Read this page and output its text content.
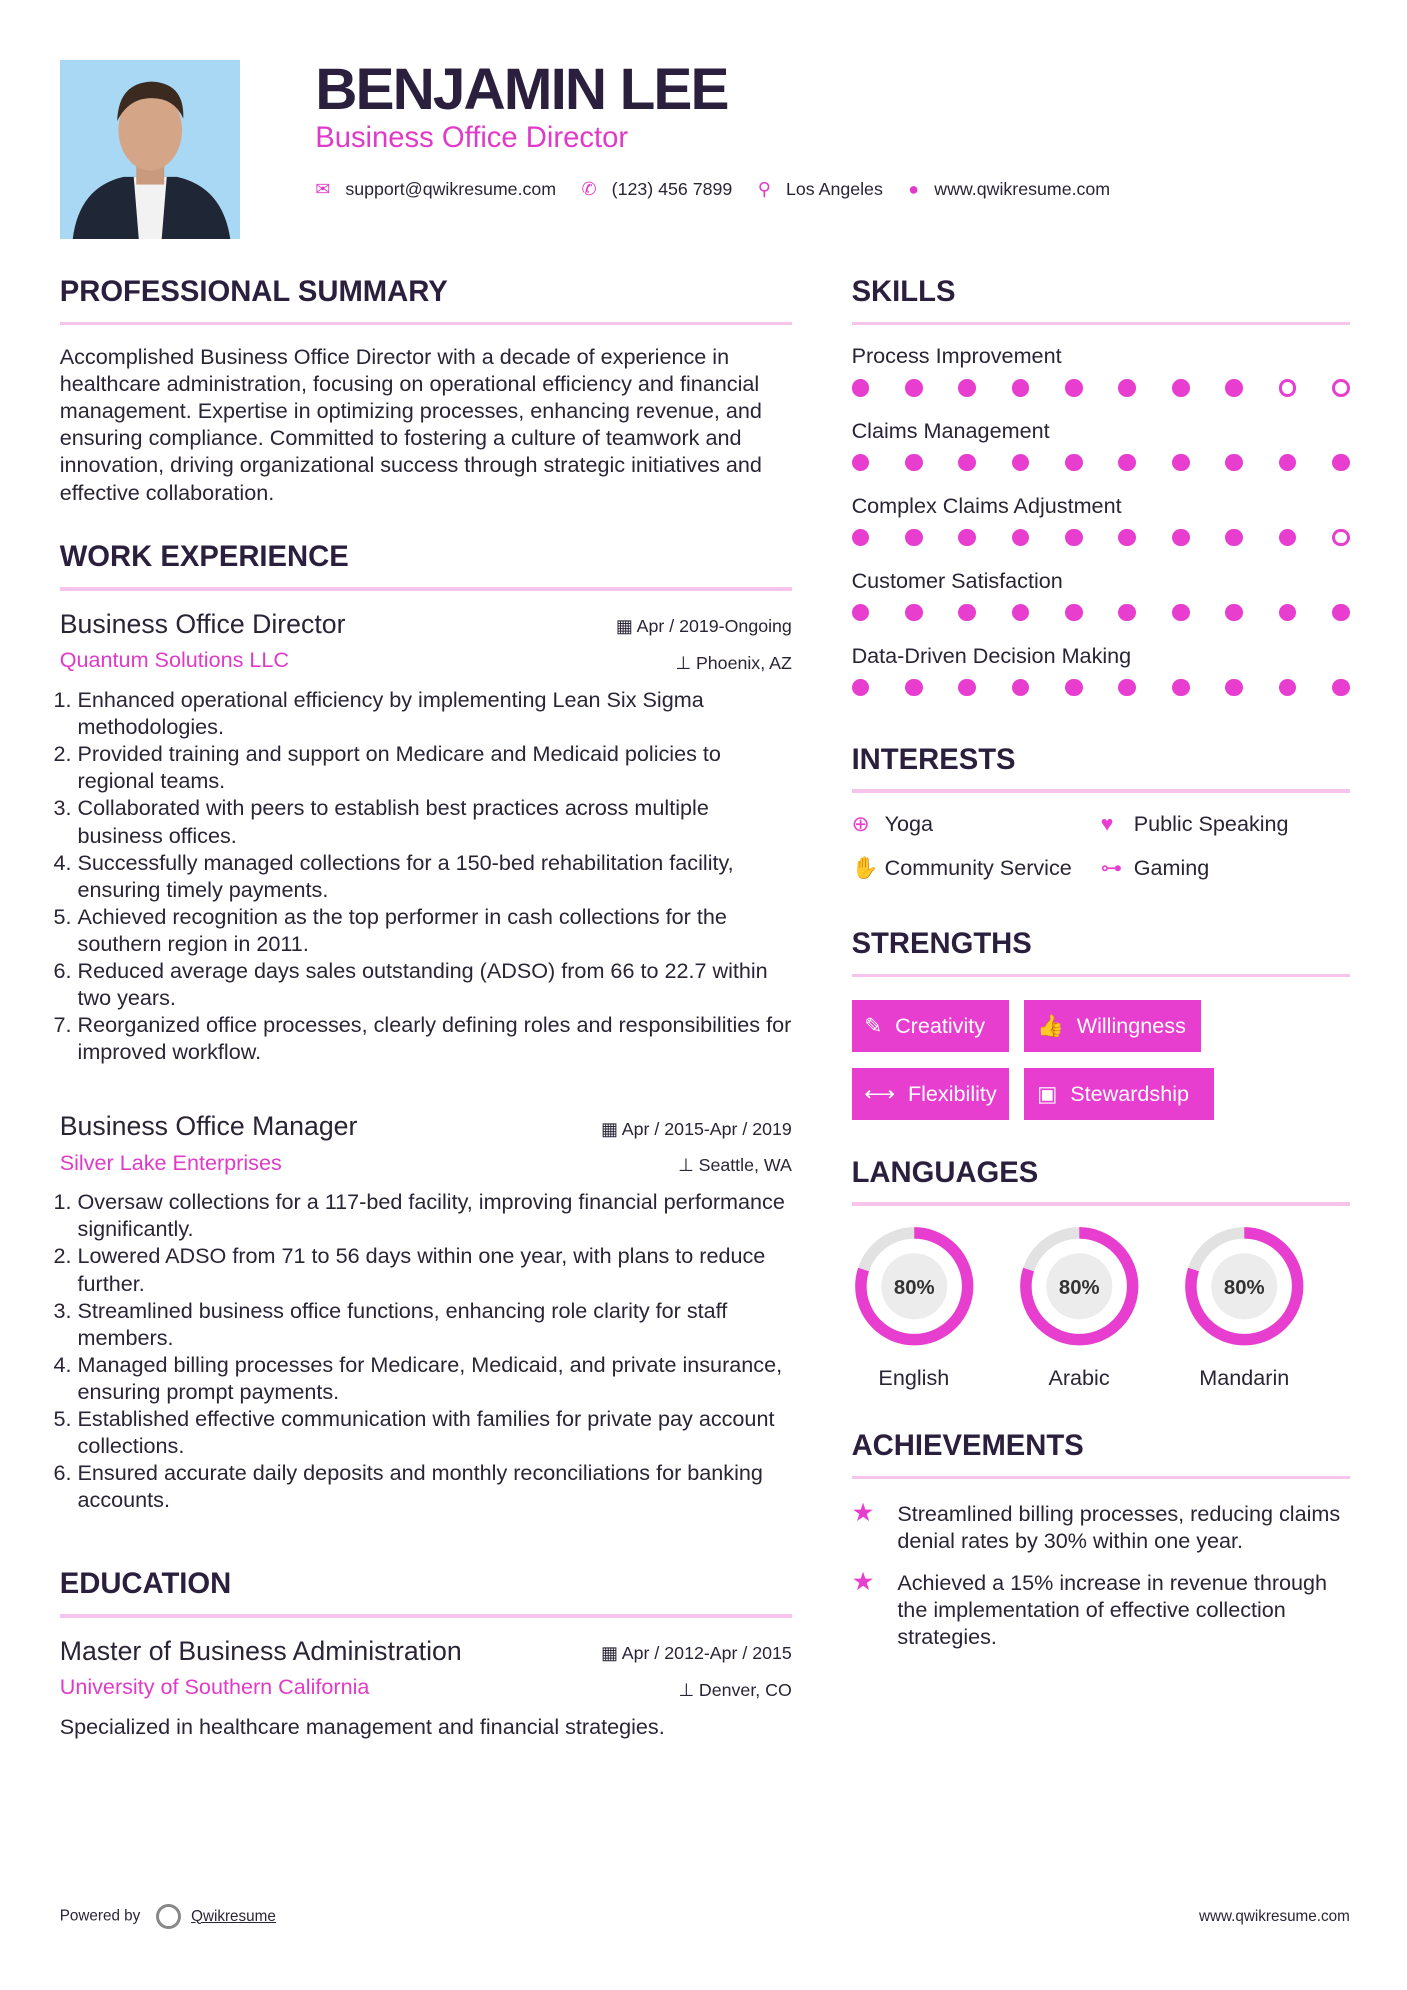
BENJAMIN LEE
Business Office Director
✉ support@qwikresume.com ✆ (123) 456 7899 ⚲ Los Angeles ● www.qwikresume.com
PROFESSIONAL SUMMARY
Accomplished Business Office Director with a decade of experience in healthcare administration, focusing on operational efficiency and financial management. Expertise in optimizing processes, enhancing revenue, and ensuring compliance. Committed to fostering a culture of teamwork and innovation, driving organizational success through strategic initiatives and effective collaboration.
WORK EXPERIENCE
Business Office Director	▦ Apr / 2019-Ongoing
Quantum Solutions LLC	⊥ Phoenix, AZ
1. Enhanced operational efficiency by implementing Lean Six Sigma methodologies.
2. Provided training and support on Medicare and Medicaid policies to regional teams.
3. Collaborated with peers to establish best practices across multiple business offices.
4. Successfully managed collections for a 150-bed rehabilitation facility, ensuring timely payments.
5. Achieved recognition as the top performer in cash collections for the southern region in 2011.
6. Reduced average days sales outstanding (ADSO) from 66 to 22.7 within two years.
7. Reorganized office processes, clearly defining roles and responsibilities for improved workflow.
Business Office Manager	▦ Apr / 2015-Apr / 2019
Silver Lake Enterprises	⊥ Seattle, WA
1. Oversaw collections for a 117-bed facility, improving financial performance significantly.
2. Lowered ADSO from 71 to 56 days within one year, with plans to reduce further.
3. Streamlined business office functions, enhancing role clarity for staff members.
4. Managed billing processes for Medicare, Medicaid, and private insurance, ensuring prompt payments.
5. Established effective communication with families for private pay account collections.
6. Ensured accurate daily deposits and monthly reconciliations for banking accounts.
EDUCATION
Master of Business Administration	▦ Apr / 2012-Apr / 2015
University of Southern California	⊥ Denver, CO
Specialized in healthcare management and financial strategies.
SKILLS
Process Improvement
Claims Management
Complex Claims Adjustment
Customer Satisfaction
Data-Driven Decision Making
INTERESTS
⊕ Yoga	♥ Public Speaking
✋ Community Service	⊶ Gaming
STRENGTHS
✎ Creativity	👍 Willingness
⟷ Flexibility ▣ Stewardship
LANGUAGES
80%
English
80%
Arabic
80%
Mandarin
ACHIEVEMENTS
★	Streamlined billing processes, reducing claims denial rates by 30% within one year.
★	Achieved a 15% increase in revenue through the implementation of effective collection strategies.
Powered by	Qwikresume	www.qwikresume.com
